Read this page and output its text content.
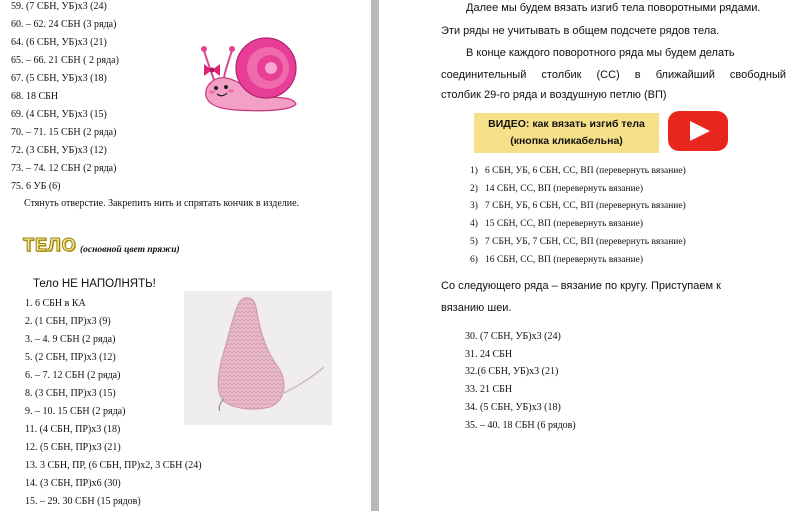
59. (7 СБН, УБ)х3 (24)
60. – 62. 24 СБН (3 ряда)
64. (6 СБН, УБ)х3 (21)
65. – 66. 21 СБН ( 2 ряда)
67. (5 СБН, УБ)х3 (18)
68. 18 СБН
69. (4 СБН, УБ)х3 (15)
70. – 71. 15 СБН (2 ряда)
72. (3 СБН, УБ)х3 (12)
73. – 74. 12 СБН (2 ряда)
75. 6 УБ (6)
Стянуть отверстие. Закрепить нить и спрятать кончик в изделие.
ТЕЛО (основной цвет пряжи)
Тело НЕ НАПОЛНЯТЬ!
1. 6 СБН в КА
2. (1 СБН, ПР)х3 (9)
3. – 4. 9 СБН (2 ряда)
5. (2 СБН, ПР)х3 (12)
6. – 7. 12 СБН (2 ряда)
8. (3 СБН, ПР)х3 (15)
9. – 10. 15 СБН (2 ряда)
11. (4 СБН, ПР)х3 (18)
12. (5 СБН, ПР)х3 (21)
13. 3 СБН, ПР, (6 СБН, ПР)х2, 3 СБН (24)
14. (3 СБН, ПР)х6 (30)
15. – 29. 30 СБН (15 рядов)
Далее мы будем вязать изгиб тела поворотными рядами.
Эти ряды не учитывать в общем подсчете рядов тела.
В конце каждого поворотного ряда мы будем делать
соединительный столбик (СС) в ближайший свободный
столбик 29-го ряда и воздушную петлю (ВП)
ВИДЕО: как вязать изгиб тела
(кнопка кликабельна)
1) 6 СБН, УБ, 6 СБН, СС, ВП (перевернуть вязание)
2) 14 СБН, СС, ВП (перевернуть вязание)
3) 7 СБН, УБ, 6 СБН, СС, ВП (перевернуть вязание)
4) 15 СБН, СС, ВП (перевернуть вязание)
5) 7 СБН, УБ, 7 СБН, СС, ВП (перевернуть вязание)
6) 16 СБН, СС, ВП (перевернуть вязание)
Со следующего ряда – вязание по кругу. Приступаем к
вязанию шеи.
30. (7 СБН, УБ)х3 (24)
31. 24 СБН
32.(6 СБН, УБ)х3 (21)
33. 21 СБН
34. (5 СБН, УБ)х3 (18)
35. – 40. 18 СБН (6 рядов)
